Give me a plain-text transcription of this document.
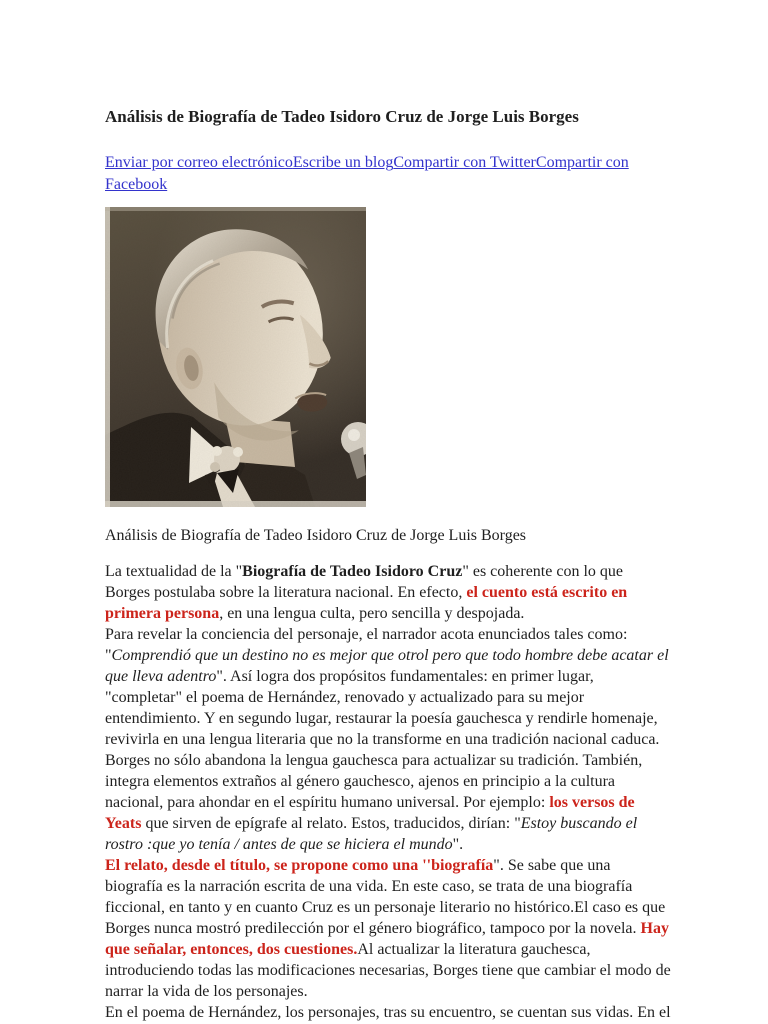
Análisis de Biografía de Tadeo Isidoro Cruz de Jorge Luis Borges
Enviar por correo electrónicoEscribe un blogCompartir con TwitterCompartir con Facebook

Análisis de Biografía de Tadeo Isidoro Cruz de Jorge Luis Borges

La textualidad de la "Biografía de Tadeo Isidoro Cruz" es coherente con lo que Borges postulaba sobre la literatura nacional. En efecto, el cuento está escrito en primera persona, en una lengua culta, pero sencilla y despojada.

Para revelar la conciencia del personaje, el narrador acota enunciados tales como: "Comprendió que un destino no es mejor que otrol pero que todo hombre debe acatar el que lleva adentro". Así logra dos propósitos fundamentales: en primer lugar, "completar" el poema de Hernández, renovado y actualizado para su mejor entendimiento. Y en segundo lugar, restaurar la poesía gauchesca y rendirle homenaje, revivirla en una lengua literaria que no la transforme en una tradición nacional caduca.

Borges no sólo abandona la lengua gauchesca para actualizar su tradición. También, integra elementos extraños al género gauchesco, ajenos en principio a la cultura nacional, para ahondar en el espíritu humano universal. Por ejemplo: los versos de Yeats que sirven de epígrafe al relato. Estos, traducidos, dirían: "Estoy buscando el rostro :que yo tenía / antes de que se hiciera el mundo".

El relato, desde el título, se propone como una ''biografía". Se sabe que una biografía es la narración escrita de una vida. En este caso, se trata de una biografía ficcional, en tanto y en cuanto Cruz es un personaje literario no histórico.El caso es que Borges nunca mostró predilección por el género biográfico, tampoco por la novela. Hay que señalar, entonces, dos cuestiones.Al actualizar la literatura gauchesca, introduciendo todas las modificaciones necesarias, Borges tiene que cambiar el modo de narrar la vida de los personajes.

En el poema de Hernández, los personajes, tras su encuentro, se cuentan sus vidas. En el
